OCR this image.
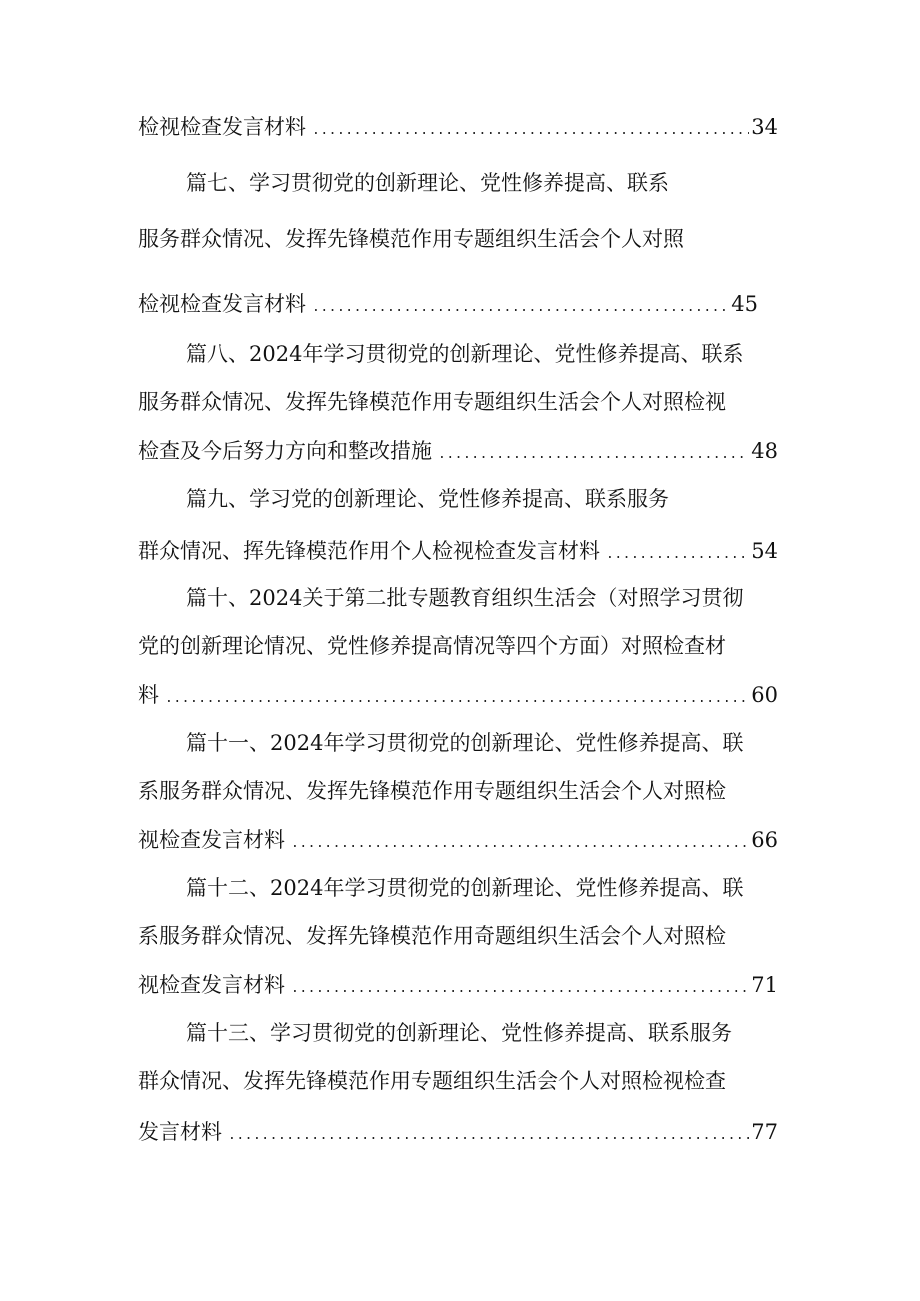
检视检查发言材料 .....	34
篇七、学习贯彻党的创新理论、党性修养提高、联系
服务群众情况、发挥先锋模范作用专题组织生活会个人对照
检视检查发言材料 .....	45
篇八、2024年学习贯彻党的创新理论、党性修养提高、联系
服务群众情况、发挥先锋模范作用专题组织生活会个人对照检视
检查及今后努力方向和整改措施 .....	48
篇九、学习党的创新理论、党性修养提高、联系服务
群众情况、挥先锋模范作用个人检视检查发言材料 .....	54
篇十、2024关于第二批专题教育组织生活会（对照学习贯彻
党的创新理论情况、党性修养提高情况等四个方面）对照检查材
料 .....	60
篇十一、2024年学习贯彻党的创新理论、党性修养提高、联
系服务群众情况、发挥先锋模范作用专题组织生活会个人对照检
视检查发言材料 .....	66
篇十二、2024年学习贯彻党的创新理论、党性修养提高、联
系服务群众情况、发挥先锋模范作用奇题组织生活会个人对照检
视检查发言材料 .....	71
篇十三、学习贯彻党的创新理论、党性修养提高、联系服务
群众情况、发挥先锋模范作用专题组织生活会个人对照检视检查
发言材料 .....	77
